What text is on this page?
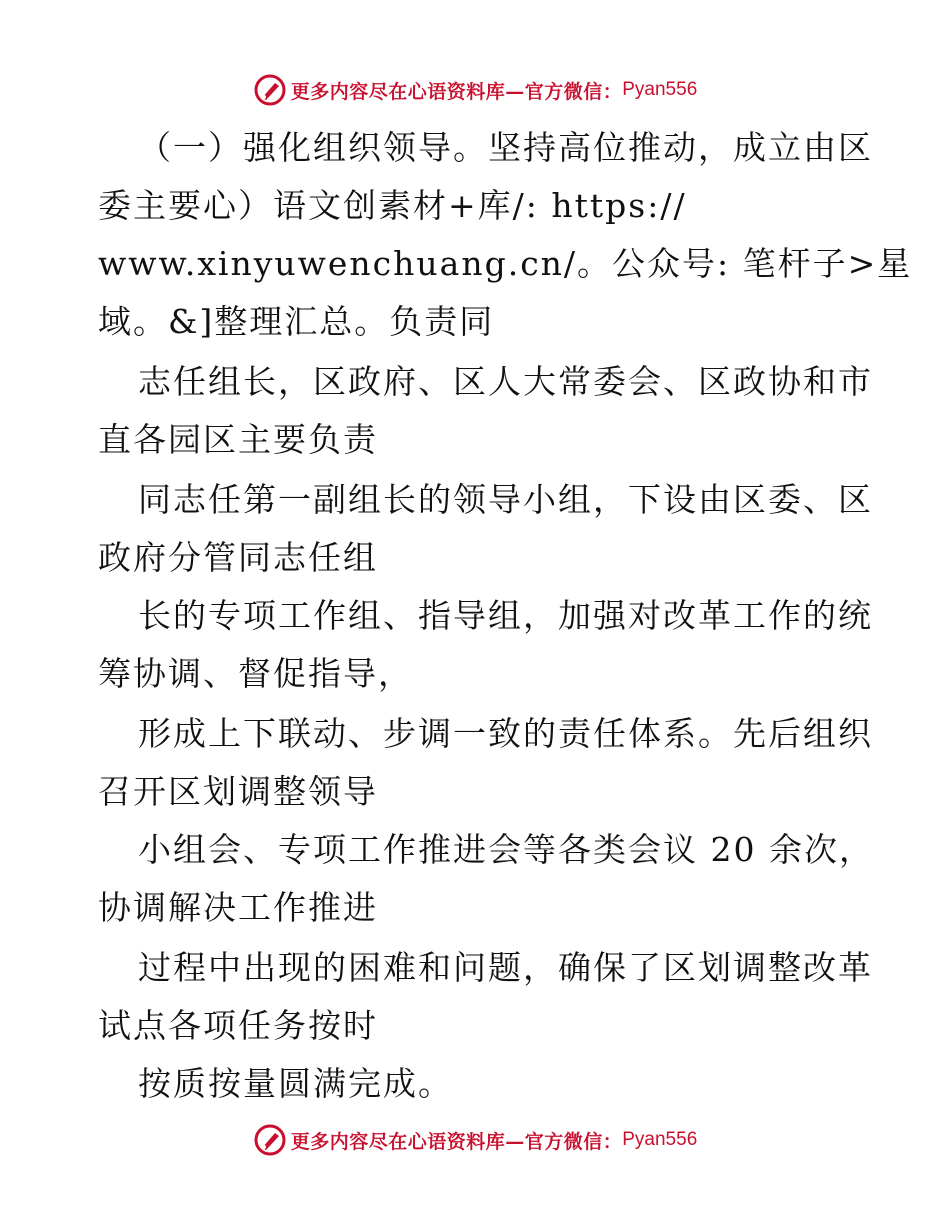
更多内容尽在心语资料库—官方微信： Pyan556
（一）强化组织领导。坚持高位推动，成立由区
委主要心）语文创素材+库/: https://
www.xinyuwenchuang.cn/。公众号: 笔杆子>星
域。&]整理汇总。负责同
志任组长，区政府、区人大常委会、区政协和市
直各园区主要负责
同志任第一副组长的领导小组，下设由区委、区
政府分管同志任组
长的专项工作组、指导组，加强对改革工作的统
筹协调、督促指导，
形成上下联动、步调一致的责任体系。先后组织
召开区划调整领导
小组会、专项工作推进会等各类会议 20 余次，
协调解决工作推进
过程中出现的困难和问题，确保了区划调整改革
试点各项任务按时
按质按量圆满完成。
更多内容尽在心语资料库—官方微信： Pyan556
